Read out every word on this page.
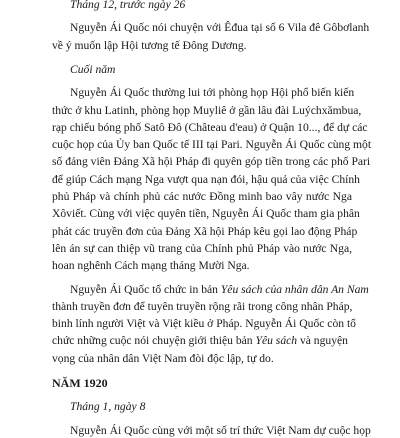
Tháng 12, trước ngày 26
Nguyễn Ái Quốc nói chuyện với Êđua tại số 6 Vila đê Gôbơlanh
về ý muốn lập Hội tương tế Đông Dương.
Cuối năm
Nguyễn Ái Quốc thường lui tới phòng họp Hội phổ biến kiến
thức ở khu Latinh, phòng họp Muyliê ở gần lâu đài Luýchxămbua,
rạp chiếu bóng phố Satô Đô (Château d'eau) ở Quận 10..., để dự các
cuộc họp của Ủy ban Quốc tế III tại Pari. Nguyễn Ái Quốc cùng một
số đảng viên Đảng Xã hội Pháp đi quyên góp tiền trong các phố Pari
để giúp Cách mạng Nga vượt qua nạn đói, hậu quả của việc Chính
phủ Pháp và chính phủ các nước Đồng minh bao vây nước Nga
Xôviết. Cùng với việc quyên tiền, Nguyễn Ái Quốc tham gia phân
phát các truyền đơn của Đảng Xã hội Pháp kêu gọi lao động Pháp
lên án sự can thiệp vũ trang của Chính phủ Pháp vào nước Nga,
hoan nghênh Cách mạng tháng Mười Nga.
Nguyễn Ái Quốc tổ chức in bản Yêu sách của nhân dân An Nam
thành truyền đơn để tuyên truyền rộng rãi trong công nhân Pháp,
binh lính người Việt và Việt kiều ở Pháp. Nguyễn Ái Quốc còn tổ
chức những cuộc nói chuyện giới thiệu bản Yêu sách và nguyện
vọng của nhân dân Việt Nam đòi độc lập, tự do.
NĂM 1920
Tháng 1, ngày 8
Nguyễn Ái Quốc cùng với một số trí thức Việt Nam dự cuộc họp
